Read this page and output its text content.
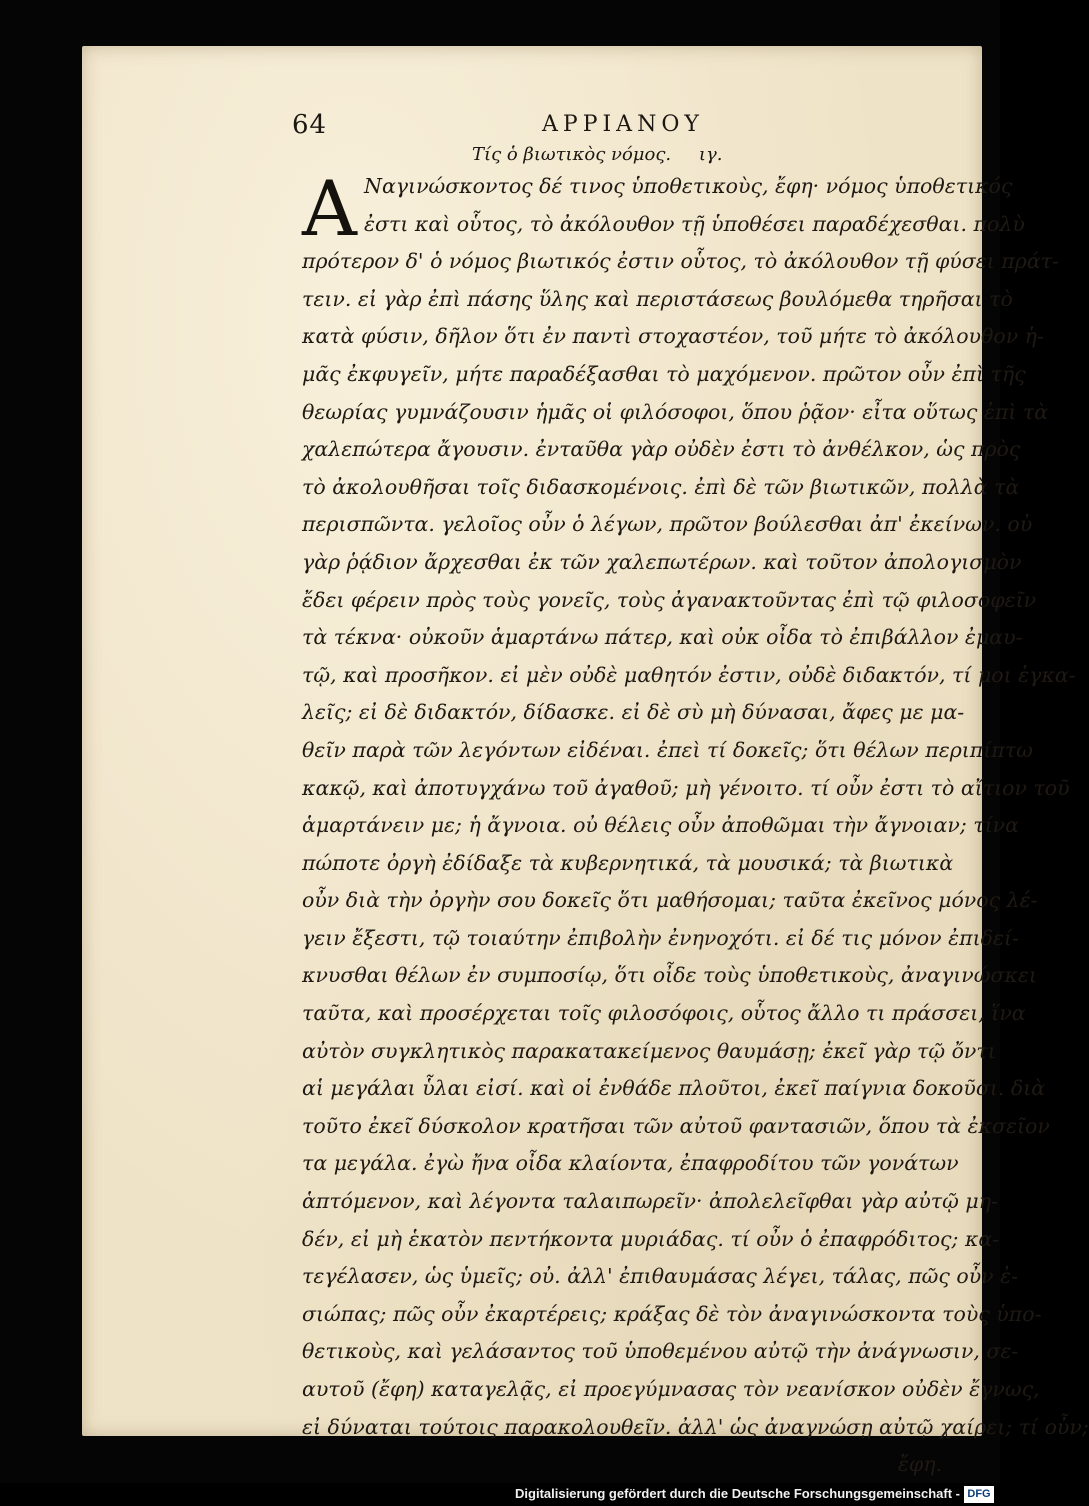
64	ΑΡΡΙΑΝΟΥ
Τίς ὁ βιωτικὸς νόμος. ιγ.
Α Ναγινώσκοντος δέ τινος ὑποθετικοὺς, ἔφη· νόμος ὑποθετικός
ἐστι καὶ οὗτος, τὸ ἀκόλουθον τῇ ὑποθέσει παραδέχεσθαι. πολὺ
πρότερον δ' ὁ νόμος βιωτικός ἐστιν οὗτος, τὸ ἀκόλουθον τῇ φύσει πράτ-
τειν. εἰ γὰρ ἐπὶ πάσης ὕλης καὶ περιστάσεως βουλόμεθα τηρῆσαι τὸ
κατὰ φύσιν, δῆλον ὅτι ἐν παντὶ στοχαστέον, τοῦ μήτε τὸ ἀκόλουθον ἡ-
μᾶς ἐκφυγεῖν, μήτε παραδέξασθαι τὸ μαχόμενον. πρῶτον οὖν ἐπὶ τῆς
θεωρίας γυμνάζουσιν ἡμᾶς οἱ φιλόσοφοι, ὅπου ῥᾷον· εἶτα οὕτως ἐπὶ τὰ
χαλεπώτερα ἄγουσιν. ἐνταῦθα γὰρ οὐδὲν ἐστι τὸ ἀνθέλκον, ὡς πρὸς
τὸ ἀκολουθῆσαι τοῖς διδασκομένοις. ἐπὶ δὲ τῶν βιωτικῶν, πολλὰ τὰ
περισπῶντα. γελοῖος οὖν ὁ λέγων, πρῶτον βούλεσθαι ἀπ' ἐκείνων. οὐ
γὰρ ῥᾴδιον ἄρχεσθαι ἐκ τῶν χαλεπωτέρων. καὶ τοῦτον ἀπολογισμὸν
ἔδει φέρειν πρὸς τοὺς γονεῖς, τοὺς ἀγανακτοῦντας ἐπὶ τῷ φιλοσοφεῖν
τὰ τέκνα· οὐκοῦν ἁμαρτάνω πάτερ, καὶ οὐκ οἶδα τὸ ἐπιβάλλον ἐμαυ-
τῷ, καὶ προσῆκον. εἰ μὲν οὐδὲ μαθητόν ἐστιν, οὐδὲ διδακτόν, τί μοι ἐγκα-
λεῖς; εἰ δὲ διδακτόν, δίδασκε. εἰ δὲ σὺ μὴ δύνασαι, ἄφες με μα-
θεῖν παρὰ τῶν λεγόντων εἰδέναι. ἐπεὶ τί δοκεῖς; ὅτι θέλων περιπίπτω
κακῷ, καὶ ἀποτυγχάνω τοῦ ἀγαθοῦ; μὴ γένοιτο. τί οὖν ἐστι τὸ αἴτιον τοῦ
ἁμαρτάνειν με; ἡ ἄγνοια. οὐ θέλεις οὖν ἀποθῶμαι τὴν ἄγνοιαν; τίνα
πώποτε ὀργὴ ἐδίδαξε τὰ κυβερνητικά, τὰ μουσικά; τὰ βιωτικὰ
οὖν διὰ τὴν ὀργὴν σου δοκεῖς ὅτι μαθήσομαι; ταῦτα ἐκεῖνος μόνος λέ-
γειν ἔξεστι, τῷ τοιαύτην ἐπιβολὴν ἐνηνοχότι. εἰ δέ τις μόνον ἐπιδεί-
κνυσθαι θέλων ἐν συμποσίῳ, ὅτι οἶδε τοὺς ὑποθετικοὺς, ἀναγινώσκει
ταῦτα, καὶ προσέρχεται τοῖς φιλοσόφοις, οὗτος ἄλλο τι πράσσει, ἵνα
αὐτὸν συγκλητικὸς παρακατακείμενος θαυμάσῃ; ἐκεῖ γὰρ τῷ ὄντι
αἱ μεγάλαι ὗλαι εἰσί. καὶ οἱ ἐνθάδε πλοῦτοι, ἐκεῖ παίγνια δοκοῦσι. διὰ
τοῦτο ἐκεῖ δύσκολον κρατῆσαι τῶν αὐτοῦ φαντασιῶν, ὅπου τὰ ἐκσεῖον
τα μεγάλα. ἐγὼ ἤνα οἶδα κλαίοντα, ἐπαφροδίτου τῶν γονάτων
ἁπτόμενον, καὶ λέγοντα ταλαιπωρεῖν· ἀπολελεῖφθαι γὰρ αὐτῷ μη-
δέν, εἰ μὴ ἑκατὸν πεντήκοντα μυριάδας. τί οὖν ὁ ἐπαφρόδιτος; κα-
τεγέλασεν, ὡς ὑμεῖς; οὐ. ἀλλ' ἐπιθαυμάσας λέγει, τάλας, πῶς οὖν ἐ-
σιώπας; πῶς οὖν ἐκαρτέρεις; κράξας δὲ τὸν ἀναγινώσκοντα τοὺς ὑπο-
θετικοὺς, καὶ γελάσαντος τοῦ ὑποθεμένου αὐτῷ τὴν ἀνάγνωσιν, σε-
αυτοῦ (ἔφη) καταγελᾷς, εἰ προεγύμνασας τὸν νεανίσκον οὐδὲν ἔγνως,
εἰ δύναται τούτοις παρακολουθεῖν. ἀλλ' ὡς ἀναγνώσῃ αὐτῷ χαίρει; τί οὖν;
ἔφη.
Digitalisierung gefördert durch die Deutsche Forschungsgemeinschaft - DFG
